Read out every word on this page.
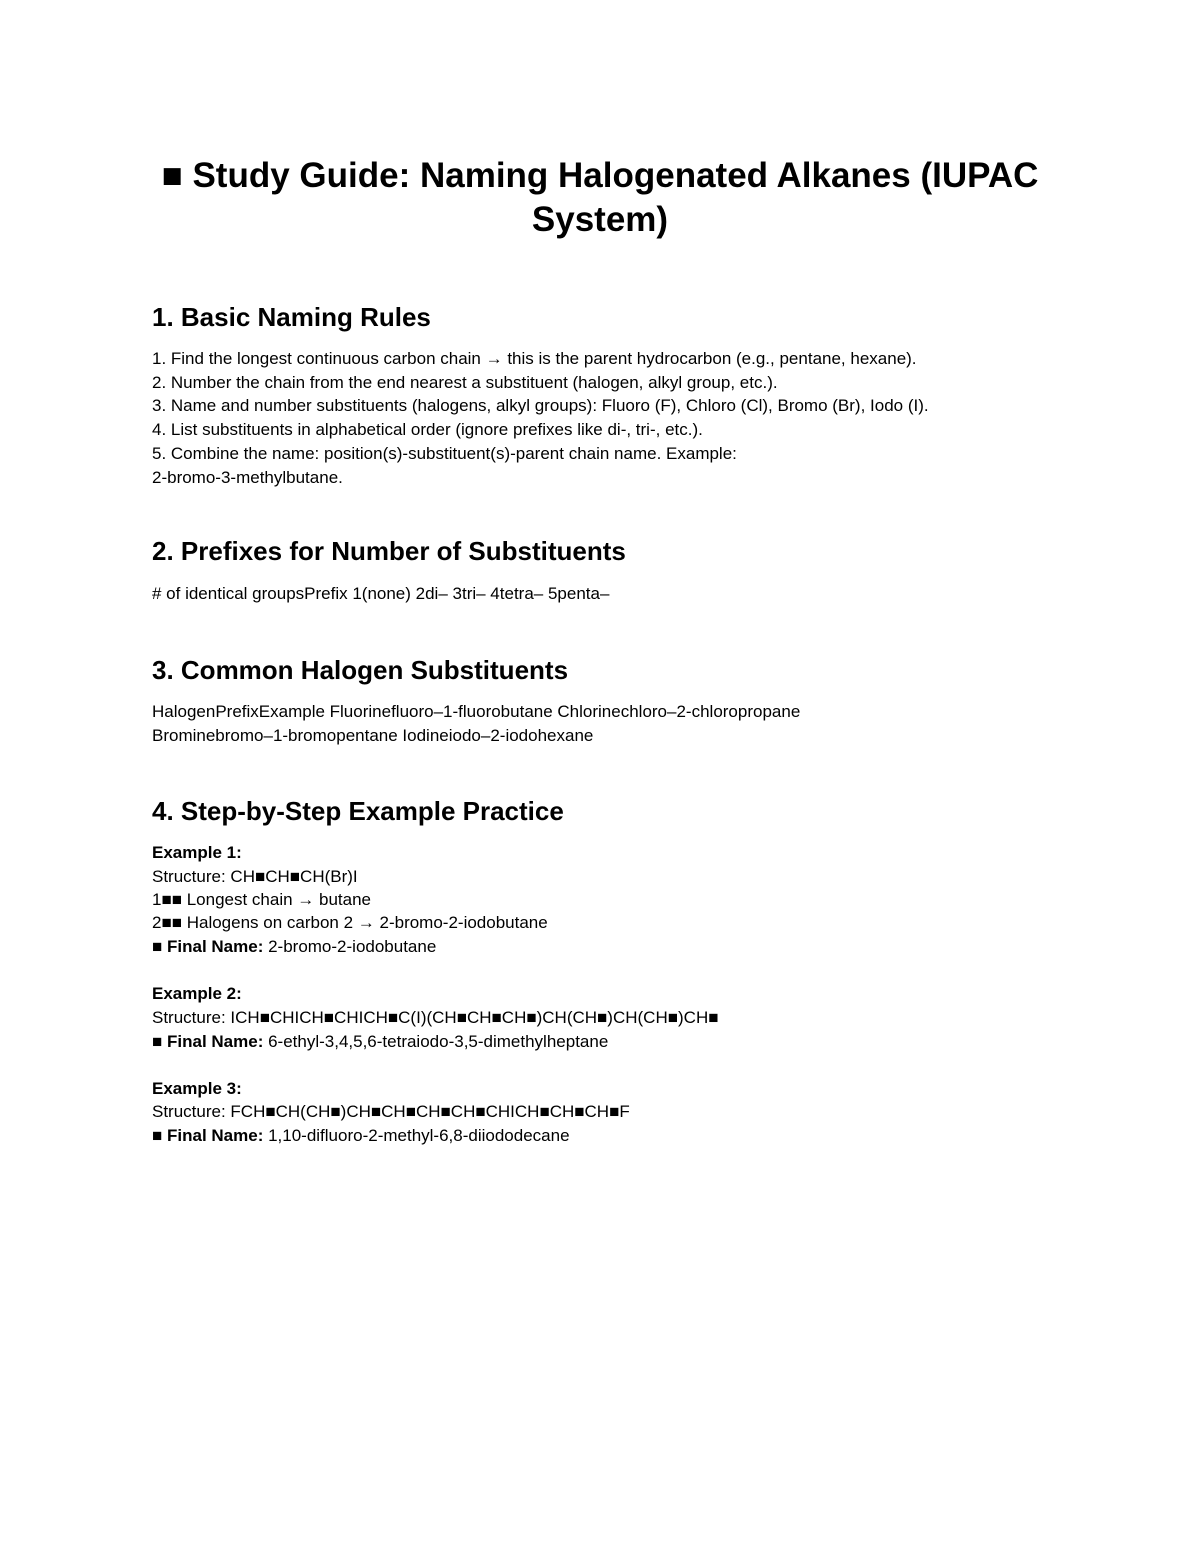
■ Study Guide: Naming Halogenated Alkanes (IUPAC System)
1. Basic Naming Rules

1. Find the longest continuous carbon chain → this is the parent hydrocarbon (e.g., pentane, hexane).

2. Number the chain from the end nearest a substituent (halogen, alkyl group, etc.).

3. Name and number substituents (halogens, alkyl groups): Fluoro (F), Chloro (Cl), Bromo (Br), Iodo (I).

4. List substituents in alphabetical order (ignore prefixes like di-, tri-, etc.).

5. Combine the name: position(s)-substituent(s)-parent chain name. Example:

2-bromo-3-methylbutane.

2. Prefixes for Number of Substituents

# of identical groupsPrefix 1(none) 2di– 3tri– 4tetra– 5penta–

3. Common Halogen Substituents

HalogenPrefixExample Fluorinefluoro–1-fluorobutane Chlorinechloro–2-chloropropane

Brominebromo–1-bromopentane Iodineiodo–2-iodohexane

4. Step-by-Step Example Practice

Example 1:

Structure: CH■CH■CH(Br)I

1■■ Longest chain → butane

2■■ Halogens on carbon 2 → 2-bromo-2-iodobutane

■ Final Name: 2-bromo-2-iodobutane

Example 2:

Structure: ICH■CHICH■CHICH■C(I)(CH■CH■CH■)CH(CH■)CH(CH■)CH■

■ Final Name: 6-ethyl-3,4,5,6-tetraiodo-3,5-dimethylheptane

Example 3:

Structure: FCH■CH(CH■)CH■CH■CH■CH■CHICH■CH■CH■F

■ Final Name: 1,10-difluoro-2-methyl-6,8-diiododecane
